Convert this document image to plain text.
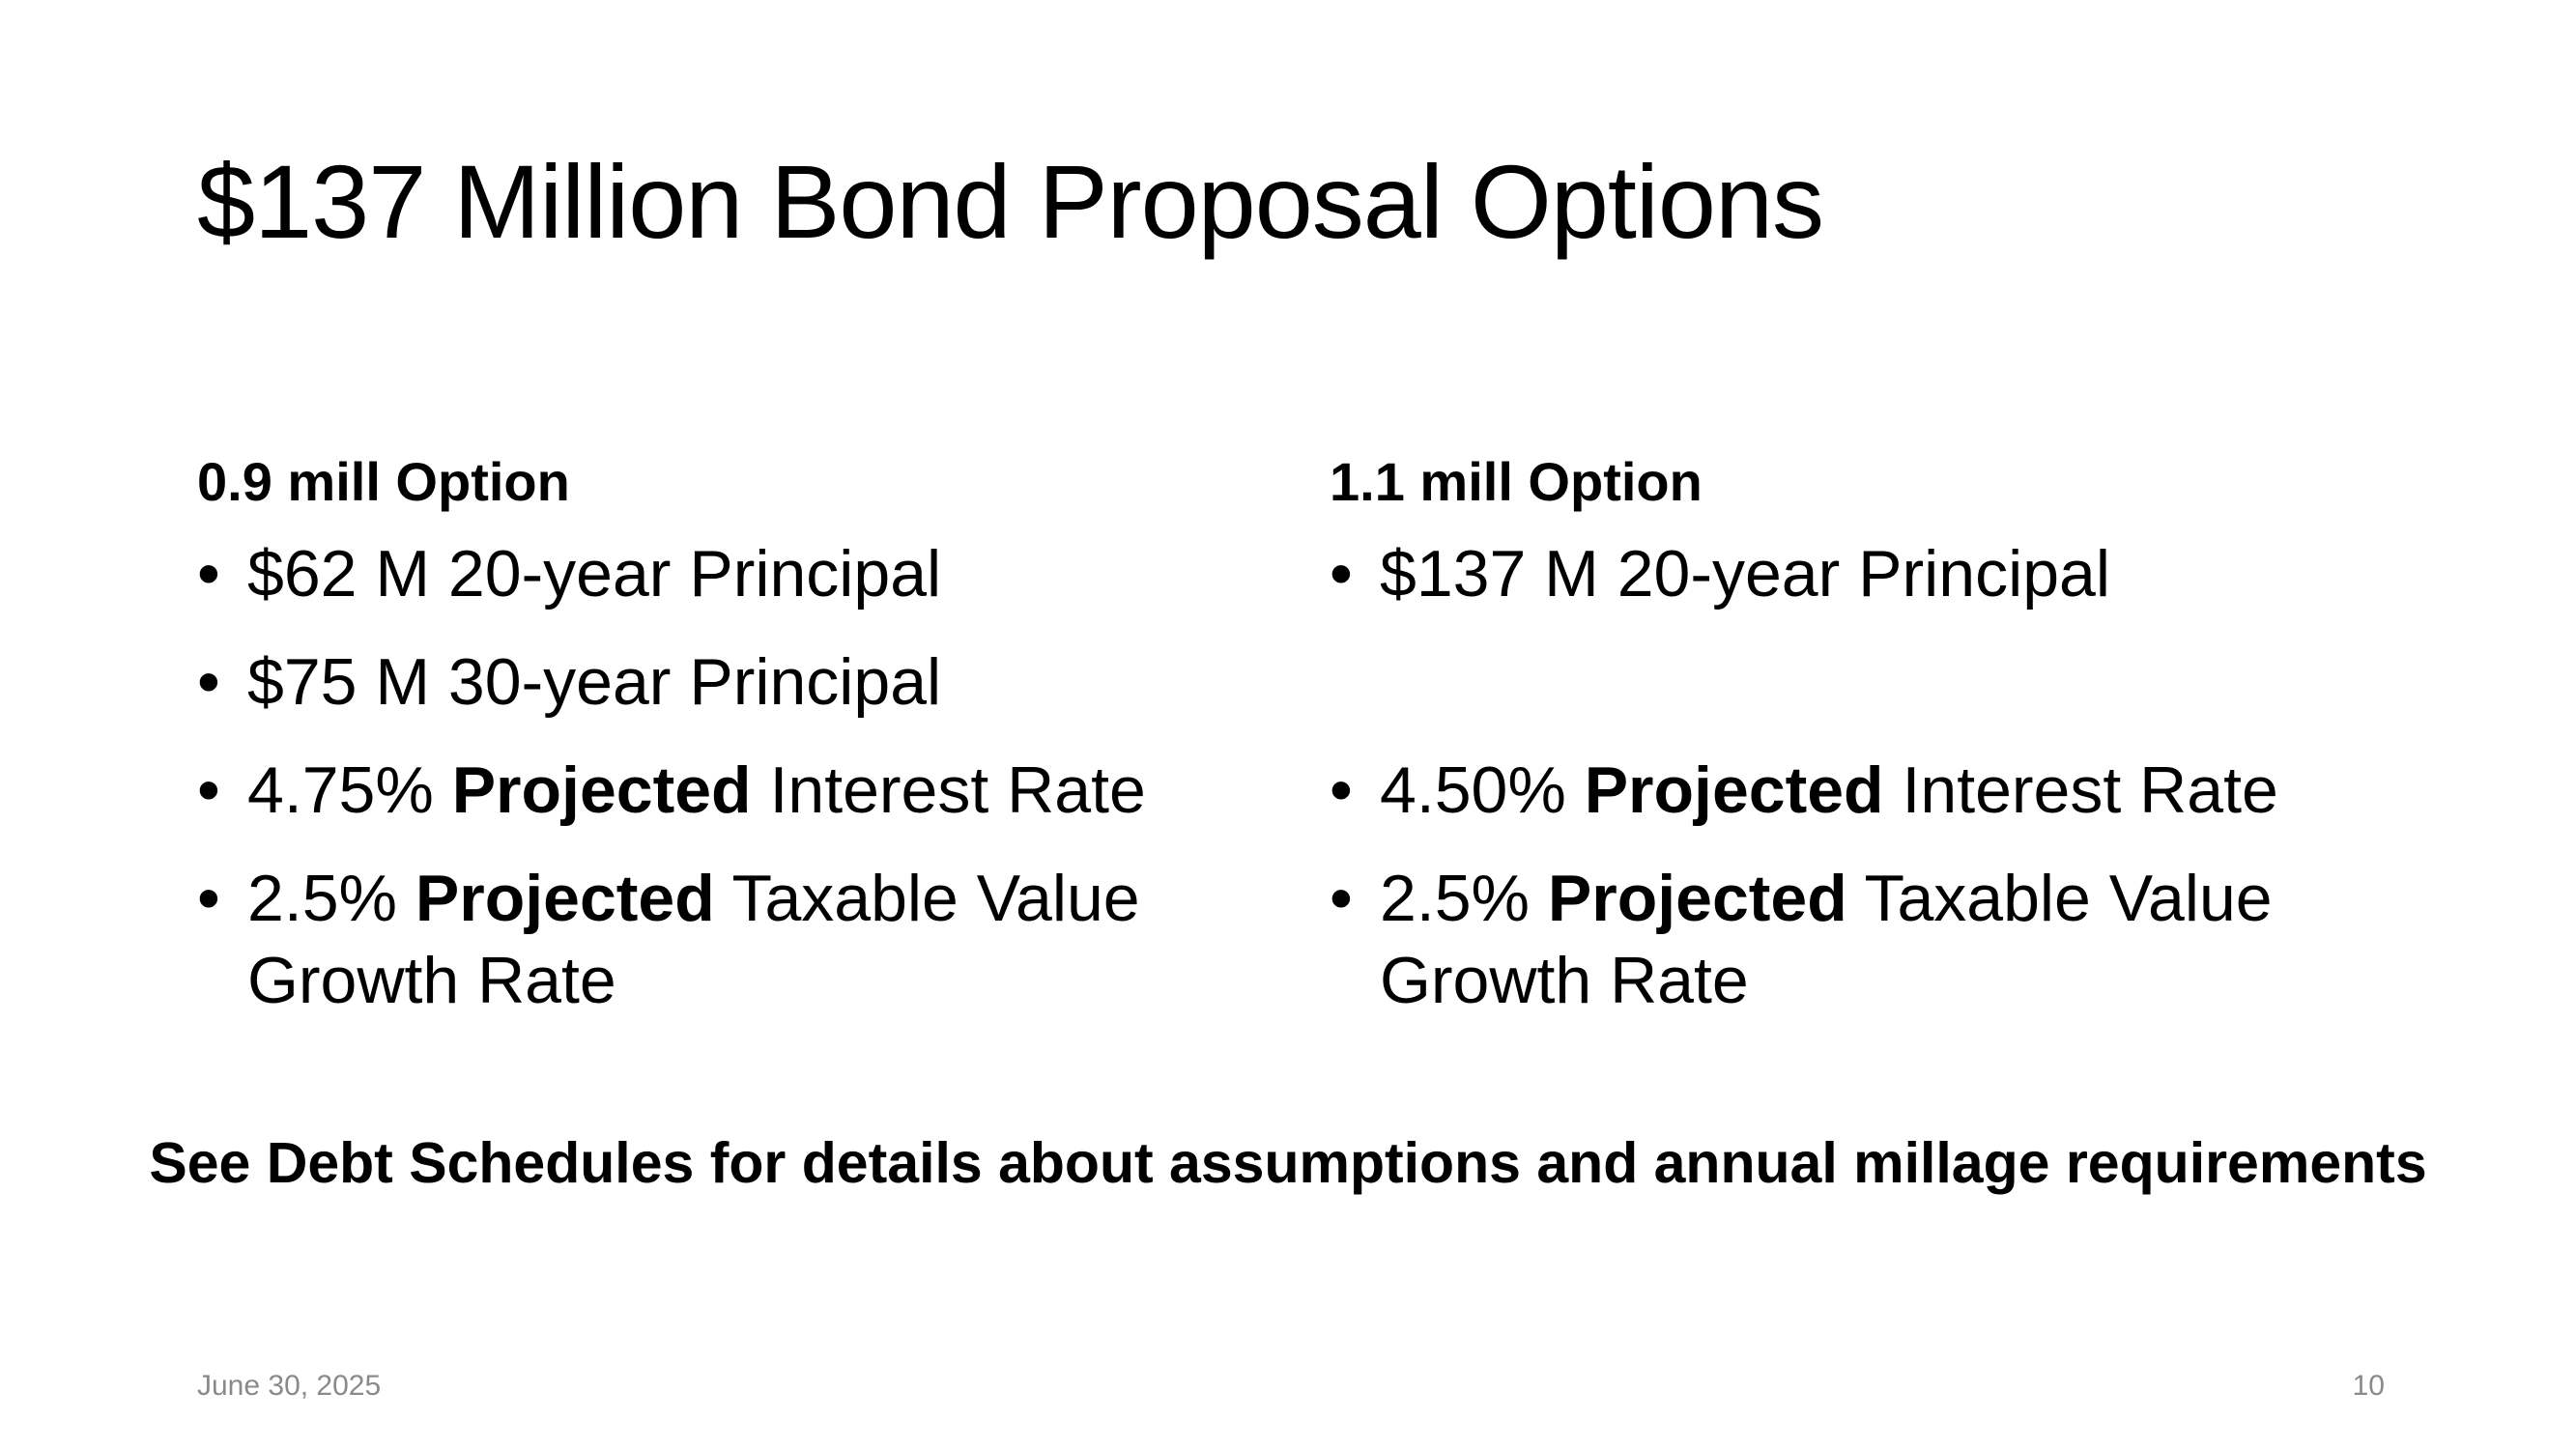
$137 Million Bond Proposal Options
0.9 mill Option
• $62 M 20-year Principal
• $75 M 30-year Principal
• 4.75% Projected Interest Rate
• 2.5% Projected Taxable Value Growth Rate
1.1 mill Option
• $137 M 20-year Principal
• 4.50% Projected Interest Rate
• 2.5% Projected Taxable Value Growth Rate
See Debt Schedules for details about assumptions and annual millage requirements
June 30, 2025	10
